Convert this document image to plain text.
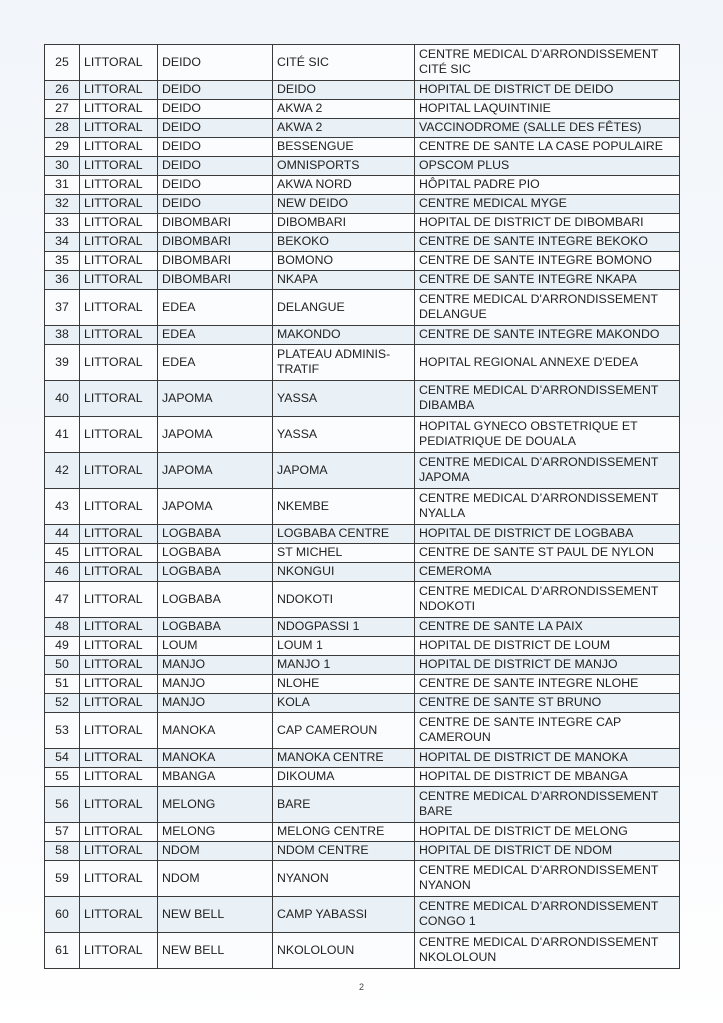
25	LITTORAL	DEIDO	CITÉ SIC	CENTRE MEDICAL D’ARRONDISSEMENT CITÉ SIC
26	LITTORAL	DEIDO	DEIDO	HOPITAL DE DISTRICT DE DEIDO
27	LITTORAL	DEIDO	AKWA 2	HOPITAL LAQUINTINIE
28	LITTORAL	DEIDO	AKWA 2	VACCINODROME (SALLE DES FÊTES)
29	LITTORAL	DEIDO	BESSENGUE	CENTRE DE SANTE LA CASE POPULAIRE
30	LITTORAL	DEIDO	OMNISPORTS	OPSCOM PLUS
31	LITTORAL	DEIDO	AKWA NORD	HÔPITAL PADRE PIO
32	LITTORAL	DEIDO	NEW DEIDO	CENTRE MEDICAL MYGE
33	LITTORAL	DIBOMBARI	DIBOMBARI	HOPITAL DE DISTRICT DE DIBOMBARI
34	LITTORAL	DIBOMBARI	BEKOKO	CENTRE DE SANTE INTEGRE BEKOKO
35	LITTORAL	DIBOMBARI	BOMONO	CENTRE DE SANTE INTEGRE BOMONO
36	LITTORAL	DIBOMBARI	NKAPA	CENTRE DE SANTE INTEGRE NKAPA
37	LITTORAL	EDEA	DELANGUE	CENTRE MEDICAL D'ARRONDISSEMENT DELANGUE
38	LITTORAL	EDEA	MAKONDO	CENTRE DE SANTE INTEGRE MAKONDO
39	LITTORAL	EDEA	PLATEAU ADMINIS-TRATIF	HOPITAL REGIONAL ANNEXE D'EDEA
40	LITTORAL	JAPOMA	YASSA	CENTRE MEDICAL D’ARRONDISSEMENT DIBAMBA
41	LITTORAL	JAPOMA	YASSA	HOPITAL GYNECO OBSTETRIQUE ET PEDIATRIQUE DE DOUALA
42	LITTORAL	JAPOMA	JAPOMA	CENTRE MEDICAL D’ARRONDISSEMENT JAPOMA
43	LITTORAL	JAPOMA	NKEMBE	CENTRE MEDICAL D’ARRONDISSEMENT NYALLA
44	LITTORAL	LOGBABA	LOGBABA CENTRE	HOPITAL DE DISTRICT DE LOGBABA
45	LITTORAL	LOGBABA	ST MICHEL	CENTRE DE SANTE ST PAUL DE NYLON
46	LITTORAL	LOGBABA	NKONGUI	CEMEROMA
47	LITTORAL	LOGBABA	NDOKOTI	CENTRE MEDICAL D’ARRONDISSEMENT NDOKOTI
48	LITTORAL	LOGBABA	NDOGPASSI 1	CENTRE DE SANTE LA PAIX
49	LITTORAL	LOUM	LOUM 1	HOPITAL DE DISTRICT DE LOUM
50	LITTORAL	MANJO	MANJO 1	HOPITAL DE DISTRICT DE MANJO
51	LITTORAL	MANJO	NLOHE	CENTRE DE SANTE INTEGRE NLOHE
52	LITTORAL	MANJO	KOLA	CENTRE DE SANTE ST BRUNO
53	LITTORAL	MANOKA	CAP CAMEROUN	CENTRE DE SANTE INTEGRE CAP CAMEROUN
54	LITTORAL	MANOKA	MANOKA CENTRE	HOPITAL DE DISTRICT DE MANOKA
55	LITTORAL	MBANGA	DIKOUMA	HOPITAL DE DISTRICT DE MBANGA
56	LITTORAL	MELONG	BARE	CENTRE MEDICAL D’ARRONDISSEMENT BARE
57	LITTORAL	MELONG	MELONG CENTRE	HOPITAL DE DISTRICT DE MELONG
58	LITTORAL	NDOM	NDOM CENTRE	HOPITAL DE DISTRICT DE NDOM
59	LITTORAL	NDOM	NYANON	CENTRE MEDICAL D’ARRONDISSEMENT NYANON
60	LITTORAL	NEW BELL	CAMP YABASSI	CENTRE MEDICAL D’ARRONDISSEMENT CONGO 1
61	LITTORAL	NEW BELL	NKOLOLOUN	CENTRE MEDICAL D’ARRONDISSEMENT NKOLOLOUN
2
